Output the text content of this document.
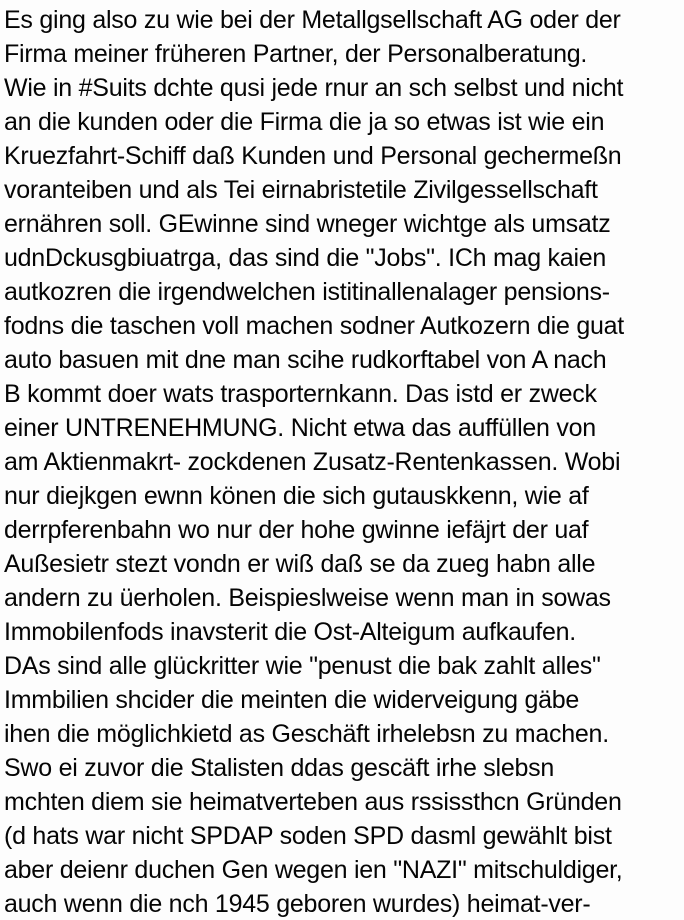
Es ging also zu wie bei der Metallgsellschaft AG oder der
Firma meiner früheren Partner, der Personalberatung.
Wie in #Suits dchte qusi jede rnur an sch selbst und nicht
an die kunden oder die Firma die ja so etwas ist wie ein
Kruezfahrt-Schiff daß Kunden und Personal gechermeßn
voranteiben und als Tei eirnabristetile Zivilgessellschaft
ernähren soll. GEwinne sind wneger wichtge als umsatz
udnDckusgbiuatrga, das sind die "Jobs". ICh mag kaien
autkozren die irgendwelchen istitinallenalager pensions-
fodns die taschen voll machen sodner Autkozern die guat
auto basuen mit dne man scihe rudkorftabel von A nach
B kommt doer wats trasporternkann. Das istd er zweck
einer UNTRENEHMUNG. Nicht etwa das auffüllen von
am Aktienmakrt- zockdenen Zusatz-Rentenkassen. Wobi
nur diejkgen ewnn könen die sich gutauskkenn, wie af
derrpferenbahn wo nur der hohe gwinne iefäjrt der uaf
Außesietr stezt vondn er wiß daß se da zueg habn alle
andern zu üerholen. Beispieslweise wenn man in sowas
Immobilenfods inavsterit die Ost-Alteigum aufkaufen.
DAs sind alle glückritter wie "penust die bak zahlt alles"
Immbilien shcider die meinten die widerveigung gäbe
ihen die möglichkietd as Geschäft irhelebsn zu machen.
Swo ei zuvor die Stalisten ddas gescäft irhe slebsn
mchten diem sie heimatverteben aus rssissthcn Gründen
(d hats war nicht SPDAP soden SPD dasml gewählt bist
aber deienr duchen Gen wegen ien "NAZI" mitschuldiger,
auch wenn die nch 1945 geboren wurdes) heimat-ver-
